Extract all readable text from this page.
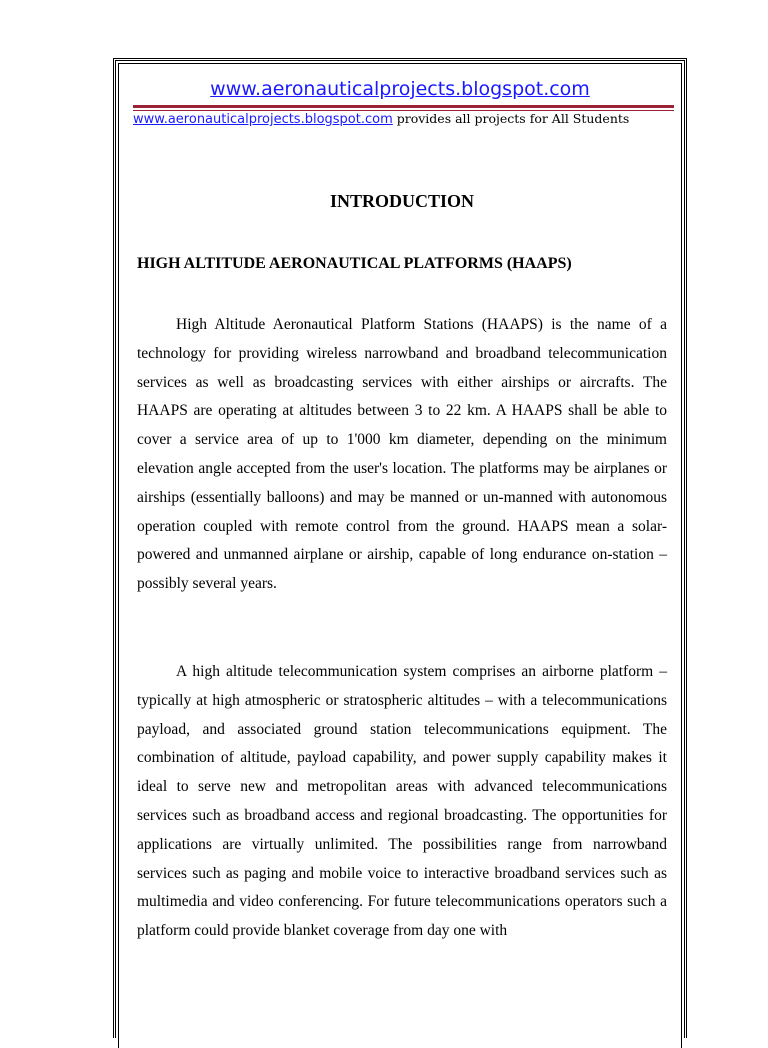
www.aeronauticalprojects.blogspot.com
www.aeronauticalprojects.blogspot.com provides all projects for All Students
INTRODUCTION
HIGH ALTITUDE AERONAUTICAL PLATFORMS (HAAPS)

High Altitude Aeronautical Platform Stations (HAAPS) is the name of a technology for providing wireless narrowband and broadband telecommunication services as well as broadcasting services with either airships or aircrafts. The HAAPS are operating at altitudes between 3 to 22 km. A HAAPS shall be able to cover a service area of up to 1'000 km diameter, depending on the minimum elevation angle accepted from the user's location. The platforms may be airplanes or airships (essentially balloons) and may be manned or un-manned with autonomous operation coupled with remote control from the ground. HAAPS mean a solar-powered and unmanned airplane or airship, capable of long endurance on-station –possibly several years.

A high altitude telecommunication system comprises an airborne platform – typically at high atmospheric or stratospheric altitudes – with a telecommunications payload, and associated ground station telecommunications equipment. The combination of altitude, payload capability, and power supply capability makes it ideal to serve new and metropolitan areas with advanced telecommunications services such as broadband access and regional broadcasting. The opportunities for applications are virtually unlimited. The possibilities range from narrowband services such as paging and mobile voice to interactive broadband services such as multimedia and video conferencing. For future telecommunications operators such a platform could provide blanket coverage from day one with
